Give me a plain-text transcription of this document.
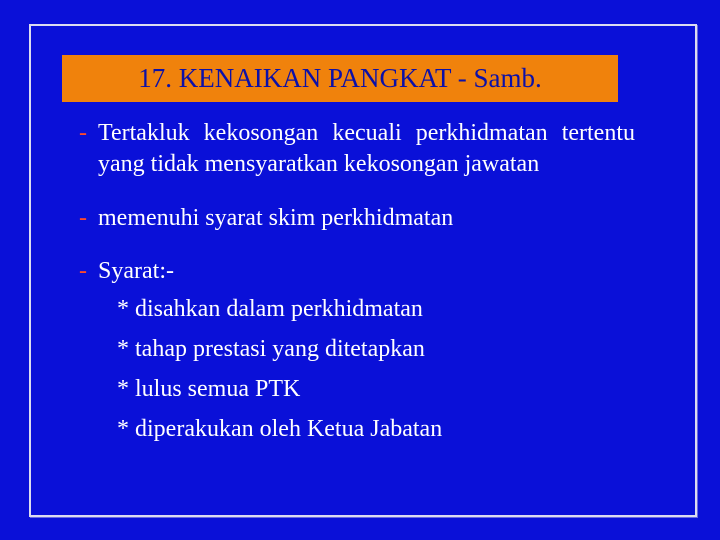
17. KENAIKAN PANGKAT - Samb.
- Tertakluk kekosongan kecuali perkhidmatan tertentu yang tidak mensyaratkan kekosongan jawatan
- memenuhi syarat skim perkhidmatan
- Syarat:-
* disahkan dalam perkhidmatan
* tahap prestasi yang ditetapkan
* lulus semua PTK
* diperakukan oleh Ketua Jabatan
